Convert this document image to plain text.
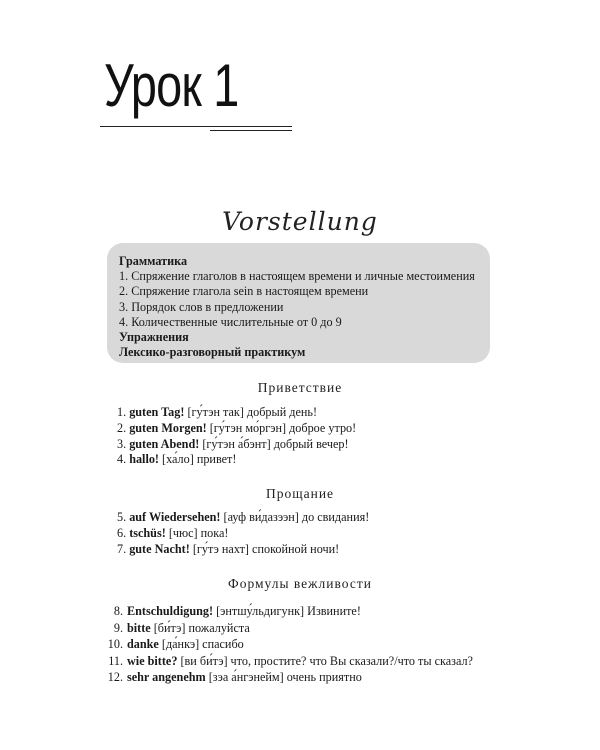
Урок 1
Vorstellung
Грамматика
1. Спряжение глаголов в настоящем времени и личные местоимения
2. Спряжение глагола sein в настоящем времени
3. Порядок слов в предложении
4. Количественные числительные от 0 до 9
Упражнения
Лексико-разговорный практикум
Приветствие
1. guten Tag! [гу́тэн так] добрый день!
2. guten Morgen! [гу́тэн мо́ргэн] доброе утро!
3. guten Abend! [гу́тэн а́бэнт] добрый вечер!
4. hallo! [ха́ло] привет!
Прощание
5. auf Wiedersehen! [ауф ви́дазээн] до свидания!
6. tschüs! [чюс] пока!
7. gute Nacht! [гу́тэ нахт] спокойной ночи!
Формулы вежливости
8. Entschuldigung! [энтшу́льдигунк] Извините!
9. bitte [би́тэ] пожалуйста
10. danke [да́нкэ] спасибо
11. wie bitte? [ви би́тэ] что, простите? что Вы сказали?/что ты сказал?
12. sehr angenehm [зэа а́нгэнейм] очень приятно
